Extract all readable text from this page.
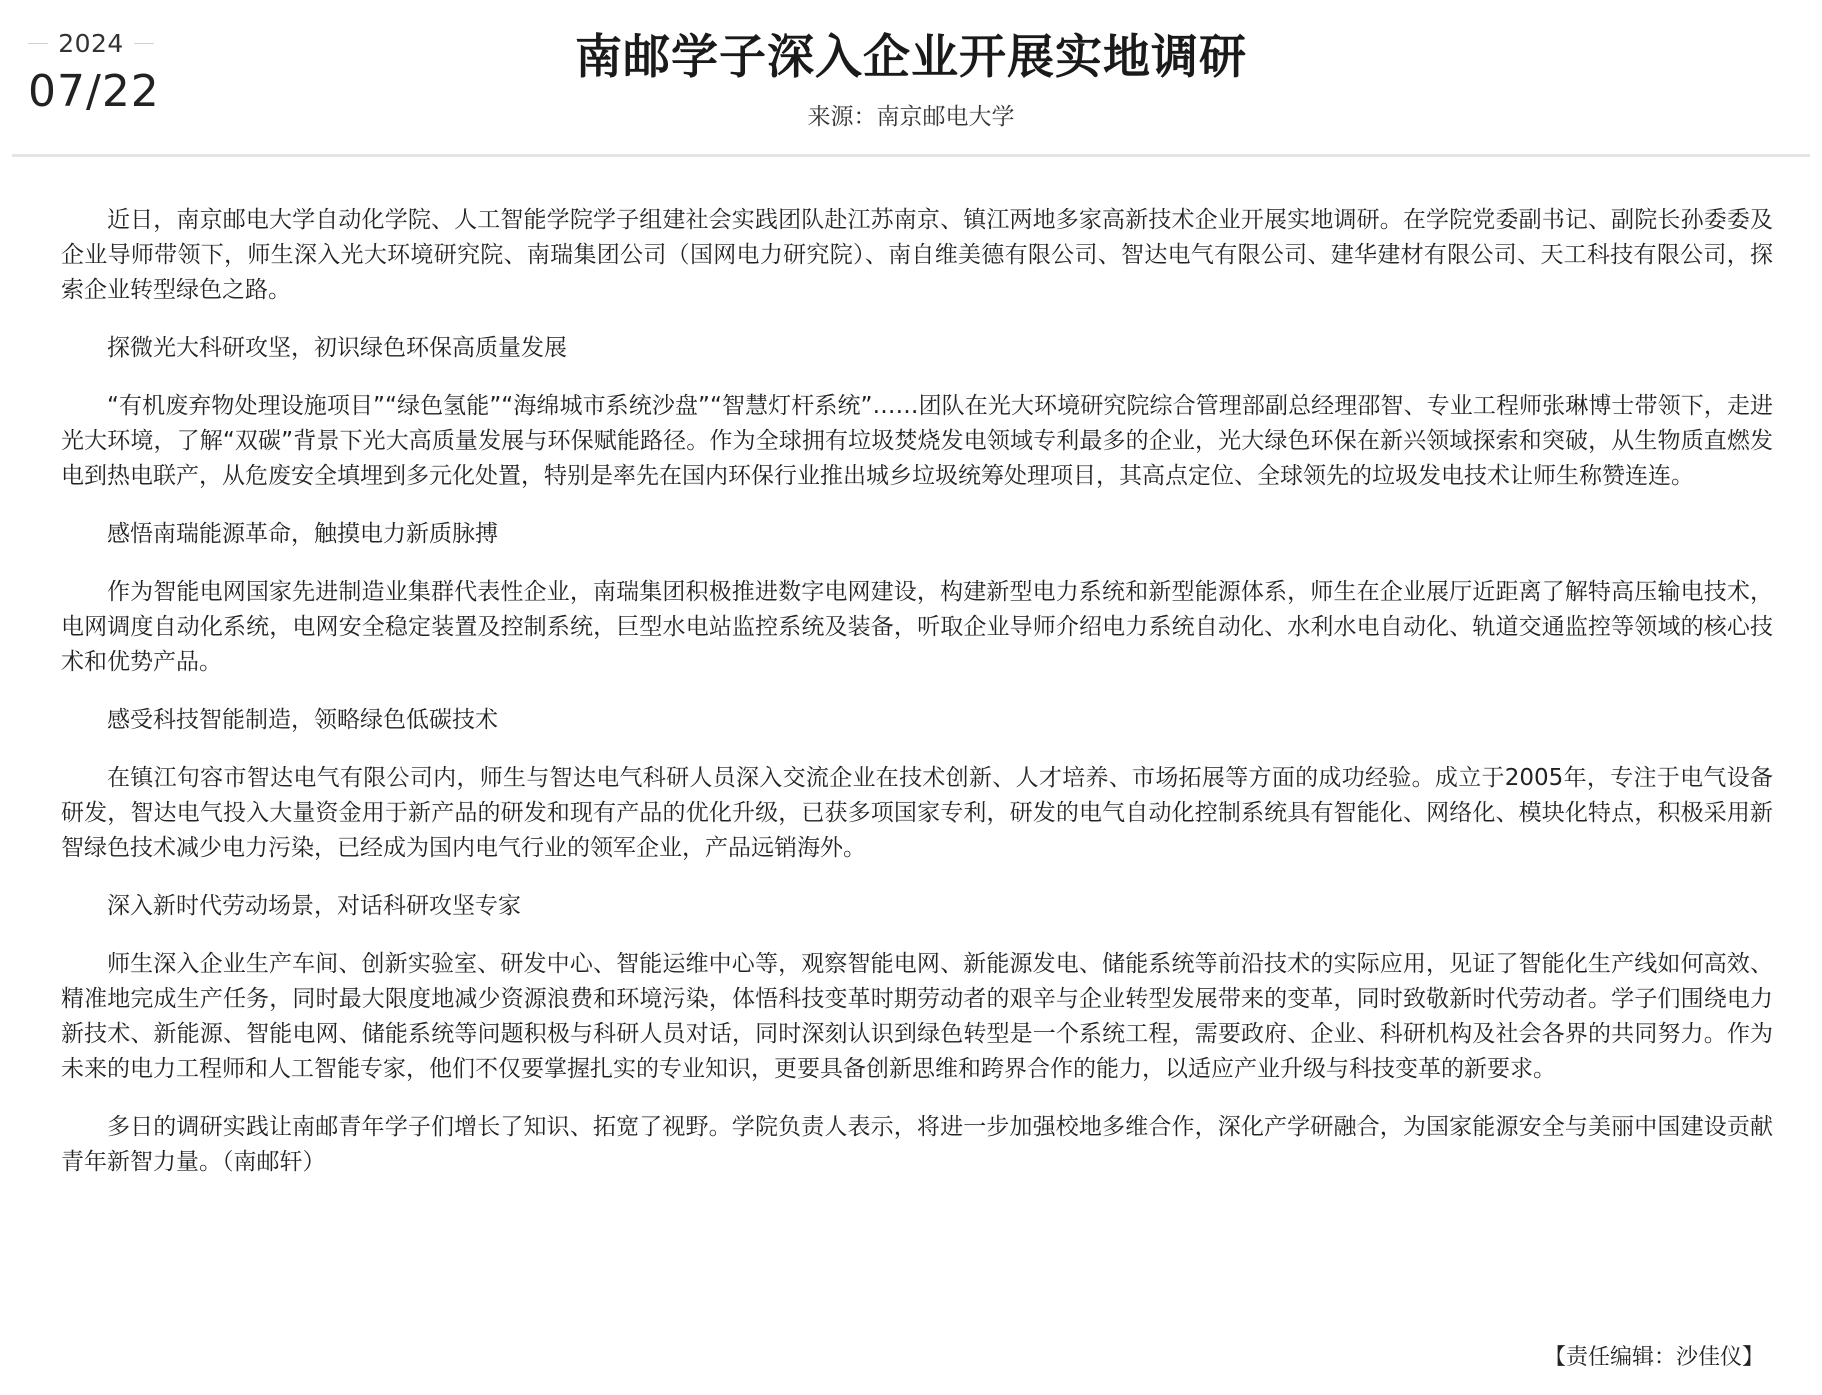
2024
07/22
南邮学子深入企业开展实地调研
来源：南京邮电大学

近日，南京邮电大学自动化学院、人工智能学院学子组建社会实践团队赴江苏南京、镇江两地多家高新技术企业开展实地调研。在学院党委副书记、副院长孙委委及企业导师带领下，师生深入光大环境研究院、南瑞集团公司（国网电力研究院）、南自维美德有限公司、智达电气有限公司、建华建材有限公司、天工科技有限公司，探索企业转型绿色之路。

探微光大科研攻坚，初识绿色环保高质量发展

“有机废弃物处理设施项目”“绿色氢能”“海绵城市系统沙盘”“智慧灯杆系统”……团队在光大环境研究院综合管理部副总经理邵智、专业工程师张琳博士带领下，走进光大环境，了解“双碳”背景下光大高质量发展与环保赋能路径。作为全球拥有垃圾焚烧发电领域专利最多的企业，光大绿色环保在新兴领域探索和突破，从生物质直燃发电到热电联产，从危废安全填埋到多元化处置，特别是率先在国内环保行业推出城乡垃圾统筹处理项目，其高点定位、全球领先的垃圾发电技术让师生称赞连连。

感悟南瑞能源革命，触摸电力新质脉搏

作为智能电网国家先进制造业集群代表性企业，南瑞集团积极推进数字电网建设，构建新型电力系统和新型能源体系，师生在企业展厅近距离了解特高压输电技术，电网调度自动化系统，电网安全稳定装置及控制系统，巨型水电站监控系统及装备，听取企业导师介绍电力系统自动化、水利水电自动化、轨道交通监控等领域的核心技术和优势产品。

感受科技智能制造，领略绿色低碳技术

在镇江句容市智达电气有限公司内，师生与智达电气科研人员深入交流企业在技术创新、人才培养、市场拓展等方面的成功经验。成立于2005年，专注于电气设备研发，智达电气投入大量资金用于新产品的研发和现有产品的优化升级，已获多项国家专利，研发的电气自动化控制系统具有智能化、网络化、模块化特点，积极采用新智绿色技术减少电力污染，已经成为国内电气行业的领军企业，产品远销海外。

深入新时代劳动场景，对话科研攻坚专家

师生深入企业生产车间、创新实验室、研发中心、智能运维中心等，观察智能电网、新能源发电、储能系统等前沿技术的实际应用，见证了智能化生产线如何高效、精准地完成生产任务，同时最大限度地减少资源浪费和环境污染，体悟科技变革时期劳动者的艰辛与企业转型发展带来的变革，同时致敬新时代劳动者。学子们围绕电力新技术、新能源、智能电网、储能系统等问题积极与科研人员对话，同时深刻认识到绿色转型是一个系统工程，需要政府、企业、科研机构及社会各界的共同努力。作为未来的电力工程师和人工智能专家，他们不仅要掌握扎实的专业知识，更要具备创新思维和跨界合作的能力，以适应产业升级与科技变革的新要求。

多日的调研实践让南邮青年学子们增长了知识、拓宽了视野。学院负责人表示，将进一步加强校地多维合作，深化产学研融合，为国家能源安全与美丽中国建设贡献青年新智力量。（南邮轩）

【责任编辑：沙佳仪】
